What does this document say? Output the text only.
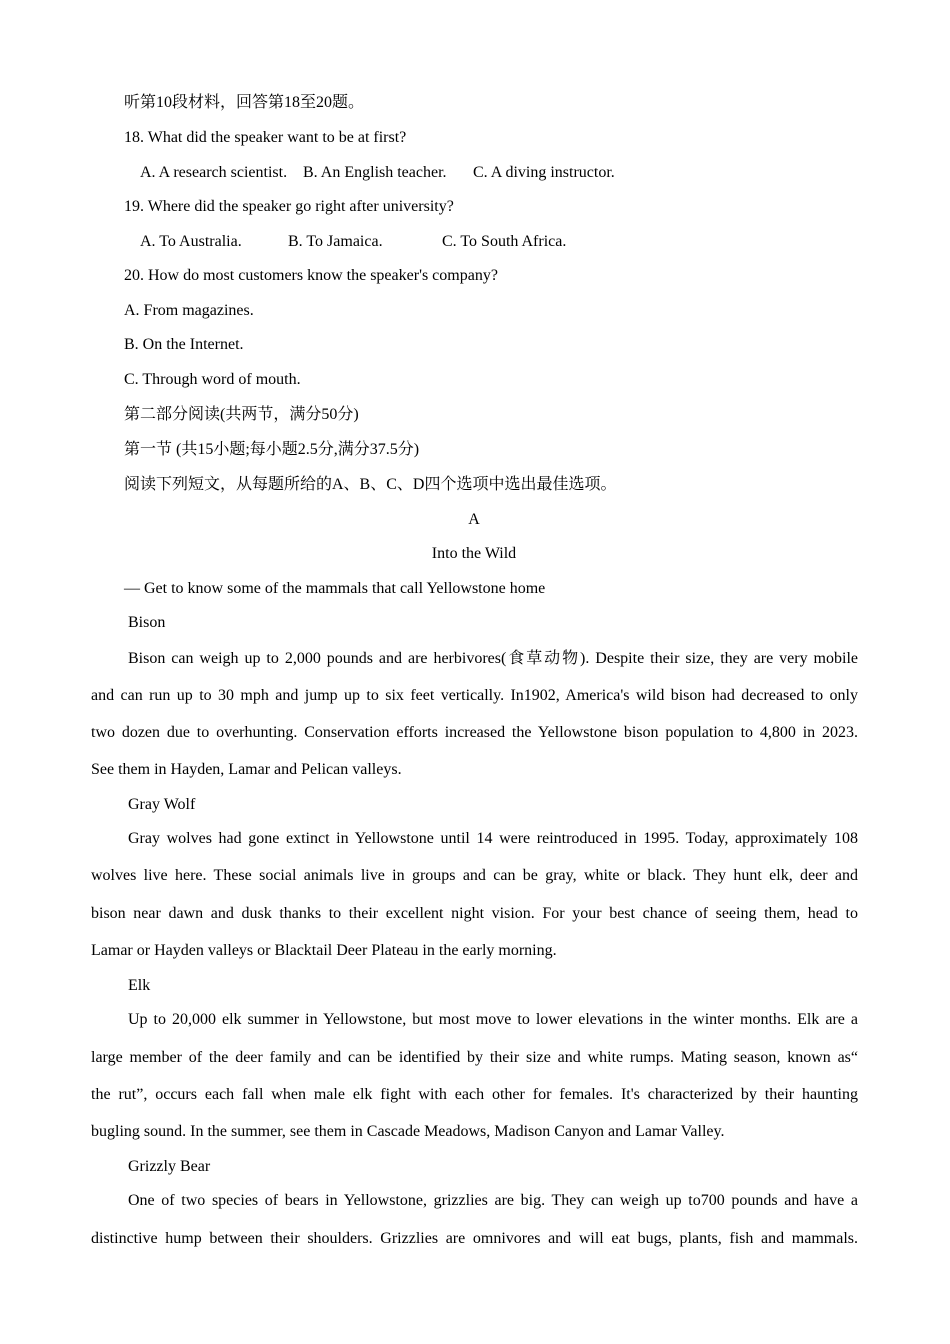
听第10段材料，回答第18至20题。
18. What did the speaker want to be at first?
A. A research scientist. B. An English teacher. C. A diving instructor.
19. Where did the speaker go right after university?
A. To Australia.	B. To Jamaica.	C. To South Africa.
20. How do most customers know the speaker's company?
A. From magazines.
B. On the Internet.
C. Through word of mouth.
第二部分阅读(共两节，满分50分)
第一节 (共15小题;每小题2.5分,满分37.5分)
阅读下列短文，从每题所给的A、B、C、D四个选项中选出最佳选项。
A
Into the Wild
— Get to know some of the mammals that call Yellowstone home
Bison
Bison can weigh up to 2,000 pounds and are herbivores(食草动物). Despite their size, they are very mobile
and can run up to 30 mph and jump up to six feet vertically. In1902, America's wild bison had decreased to only
two dozen due to overhunting. Conservation efforts increased the Yellowstone bison population to 4,800 in 2023.
See them in Hayden, Lamar and Pelican valleys.
Gray Wolf
Gray wolves had gone extinct in Yellowstone until 14 were reintroduced in 1995. Today, approximately 108
wolves live here. These social animals live in groups and can be gray, white or black. They hunt elk, deer and
bison near dawn and dusk thanks to their excellent night vision. For your best chance of seeing them, head to
Lamar or Hayden valleys or Blacktail Deer Plateau in the early morning.
Elk
Up to 20,000 elk summer in Yellowstone, but most move to lower elevations in the winter months. Elk are a
large member of the deer family and can be identified by their size and white rumps. Mating season, known as“
the rut”, occurs each fall when male elk fight with each other for females. It's characterized by their haunting
bugling sound. In the summer, see them in Cascade Meadows, Madison Canyon and Lamar Valley.
Grizzly Bear
One of two species of bears in Yellowstone, grizzlies are big. They can weigh up to700 pounds and have a
distinctive hump between their shoulders. Grizzlies are omnivores and will eat bugs, plants, fish and mammals.
